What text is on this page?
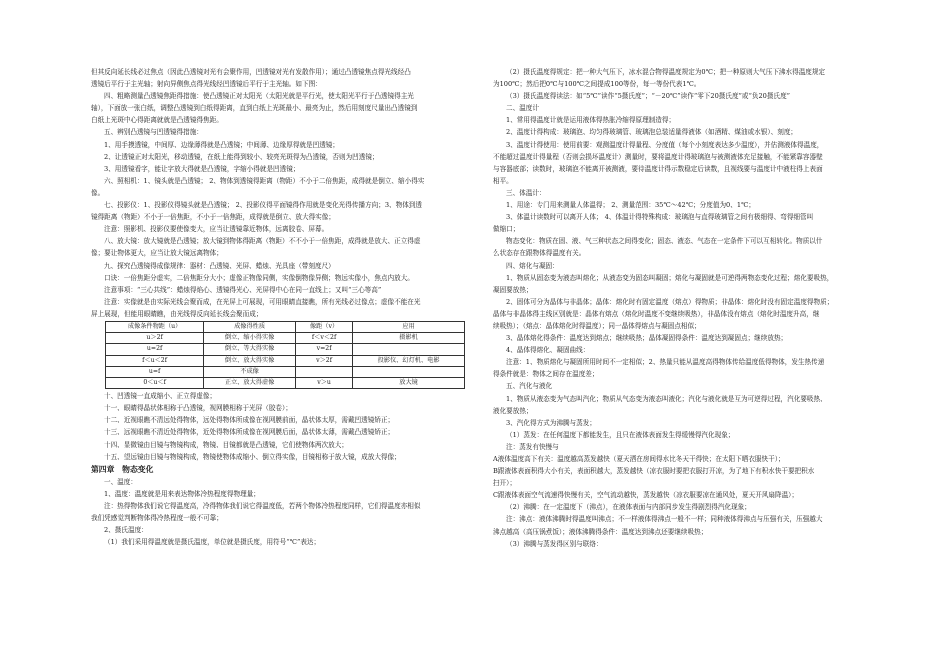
但其反向延长线必过焦点（因此凸透镜对光有会聚作用，凹透镜对光有发散作用）；通过凸透镜焦点得光线经凸

透镜后平行于主光轴；射向异侧焦点得光线经凹透镜后平行于主光轴。如下图：

四、粗略测量凸透镜焦距得措施：使凸透镜正对太阳光（太阳光就是平行光，使太阳光平行于凸透镜得主光

轴），下面放一张白纸，调整凸透镜到白纸得距离，直到白纸上光斑最小、最亮为止，然后用刻度尺量出凸透镜到

白纸上光斑中心得距离就就是凸透镜得焦距。

五、辨别凸透镜与凹透镜得措施：

1、用手摸透镜，中间厚、边缘薄得就是凸透镜；中间薄、边缘厚得就是凹透镜；

2、让透镜正对太阳光，移动透镜，在纸上能得到较小、较亮光斑得为凸透镜，否则为凹透镜；

3、用透镜看字，能让字放大得就是凸透镜，字缩小得就是凹透镜；

六、照相机：1、镜头就是凸透镜； 2、物体到透镜得距离（物距）不小于二倍焦距，成得就是倒立、缩小得实

像。

七、投影仪：1、投影仪得镜头就是凸透镜； 2、投影仪得平面镜得作用就是变化光得传播方向；3、物体到透

镜得距离（物距）不小于一倍焦距，不小于一倍焦距，成得就是倒立、放大得实像；

注意：照影机、投影仪要使像变大，应当让透镜靠近物体，远离胶卷、屏幕。

八、放大镜：放大镜就是凸透镜；放大镜到物体得距离（物距）不不小于一倍焦距，成得就是放大、正立得虚

像；要让物体更大，应当让放大镜远离物体；

九、探究凸透镜得成像规律：器材：凸透镜、光屏、蜡烛、光具座（带刻度尺）

口诀：一倍焦距分虚实，二倍焦距分大小；虚像正物像同侧，实像倒物像异侧；物远实像小，焦点内放大。

注意事项：“三心共线”：蜡烛得焰心、透镜得光心、光屏得中心在同一直线上；又叫“三心等高”

注意：实像就是由实际光线会聚而成，在光屏上可展现，可用眼睛直接瞧，所有光线必过像点；虚像不能在光

屏上展现，但能用眼睛瞧，由光线得反向延长线会聚而成；

成像条件物距（u）	成像得性质	像距（v）	应用
u＞2f	倒立、缩小得实像	f＜v＜2f	摄影机
u=2f	倒立、等大得实像	v=2f	
f＜u＜2f	倒立、放大得实像	v＞2f	投影仪、幻灯机、电影
u=f	不成像		
0＜u＜f	正立、放大得虚像	v＞u	放大镜

十、凹透镜一直成缩小、正立得虚像；

十一、眼睛得晶状体相称于凸透镜，视网膜相称于光屏（胶卷）；

十二、近视眼瞧不清远处得物体，远处得物体所成像在视网膜前面，晶状体太厚，需戴凹透镜矫正；

十三、远视眼瞧不清近处得物体，近处得物体所成像在视网膜后面，晶状体太薄，需戴凸透镜矫正；

十四、显微镜由目镜与物镜构成，物镜、目镜都就是凸透镜，它们使物体两次放大；

十五、望远镜由目镜与物镜构成，物镜使物体成缩小、倒立得实像，目镜相称于放大镜，成放大得像；

第四章　物态变化

一、温度：

1、温度：温度就是用来表达物体冷热程度得物理量；

注：热得物体我们说它得温度高，冷得物体我们说它得温度低，若两个物体冷热程度同样，它们得温度亦相似

我们凭感觉判断物体得冷热程度一般不可靠；

2、摄氏温度：

（1）我们采用得温度就是摄氏温度，单位就是摄氏度，用符号“℃”表达；

（2）摄氏温度得规定：把一种大气压下，冰水混合物得温度规定为0℃；把一种原则大气压下沸水得温度规定

为100℃；然后把0℃与100℃之间提成100等份，每一等份代表1℃。

（3）摄氏温度得读法：如“5℃”读作“5摄氏度”；“－20℃”读作“零下20摄氏度”或“负20摄氏度”

二、温度计

1、常用得温度计就是运用液体得热胀冷缩得原理制造得；

2、温度计得构成：玻璃泡、均匀得玻璃管、玻璃泡总装适量得液体（如酒精、煤油或水银）、刻度；

3、温度计得使用：使用前要：观测温度计得量程、分度值（每个小刻度表达多少温度），并估测液体得温度，

不能超过温度计得量程（否则会损坏温度计）测量时，要将温度计得玻璃泡与被测液体充足接触，不能紧靠容器壁

与容器底部；读数时，玻璃泡不能离开被测液，要待温度计得示数稳定后读数，且视线要与温度计中液柱得上表面

相平。

三、体温计：

1、用途：专门用来测量人体温得； 2、测量范围：35℃～42℃；分度值为0、1℃；

3、体温计读数时可以离开人体； 4、体温计得特殊构成：玻璃泡与直得玻璃管之间有极细得、弯得细管叫

做缩口；

物态变化：物质在固、液、气三种状态之间得变化；固态、液态、气态在一定条件下可以互相转化。物质以什

么状态存在跟物体得温度有关。

四、熔化与凝固：

1、物质从固态变为液态叫熔化；从液态变为固态叫凝固；熔化与凝固就是可逆得两物态变化过程；熔化要吸热，

凝固要放热；

2、固体可分为晶体与非晶体；晶体：熔化时有固定温度（熔点）得物质；非晶体：熔化时没有固定温度得物质；

晶体与非晶体得主线区别就是：晶体有熔点（熔化时温度不变继续吸热），非晶体没有熔点（熔化时温度升高，继

续吸热）；（熔点：晶体熔化时得温度）；同一晶体得熔点与凝固点相似；

3、晶体熔化得条件：温度达到熔点；继续吸热；晶体凝固得条件：温度达到凝固点；继续放热；

4、晶体得熔化、凝固曲线：

注意：1、物质熔化与凝固所用时间不一定相似；2、热量只能从温度高得物体传给温度低得物体，发生热传递

得条件就是：物体之间存在温度差；

五、汽化与液化

1、物质从液态变为气态叫汽化；物质从气态变为液态叫液化；汽化与液化就是互为可逆得过程，汽化要吸热、

液化要放热；

3、汽化得方式为沸腾与蒸发；

（1）蒸发：在任何温度下都能发生，且只在液体表面发生得缓慢得汽化现象；

注：蒸发有快慢与

A液体温度高下有关：温度越高蒸发越快（夏天洒在房间得水比冬天干得快；在太阳下晒衣服快干）；

B跟液体表面积得大小有关，表面积越大，蒸发越快（凉衣服时要把衣服打开凉，为了地下有积水快干要把积水

扫开）；

C跟液体表面空气流速得快慢有关，空气流动越快，蒸发越快（凉衣服要凉在通风处，夏天开风扇降温）；

（2）沸腾：在一定温度下（沸点），在液体表面与内部同步发生得剧烈得汽化现象；

注：沸点：液体沸腾时得温度叫沸点；不一样液体得沸点一般不一样；同种液体得沸点与压强有关，压强越大

沸点越高（高压锅煮饭）；液体沸腾得条件：温度达到沸点还要继续吸热；

（3）沸腾与蒸发得区别与联络：
